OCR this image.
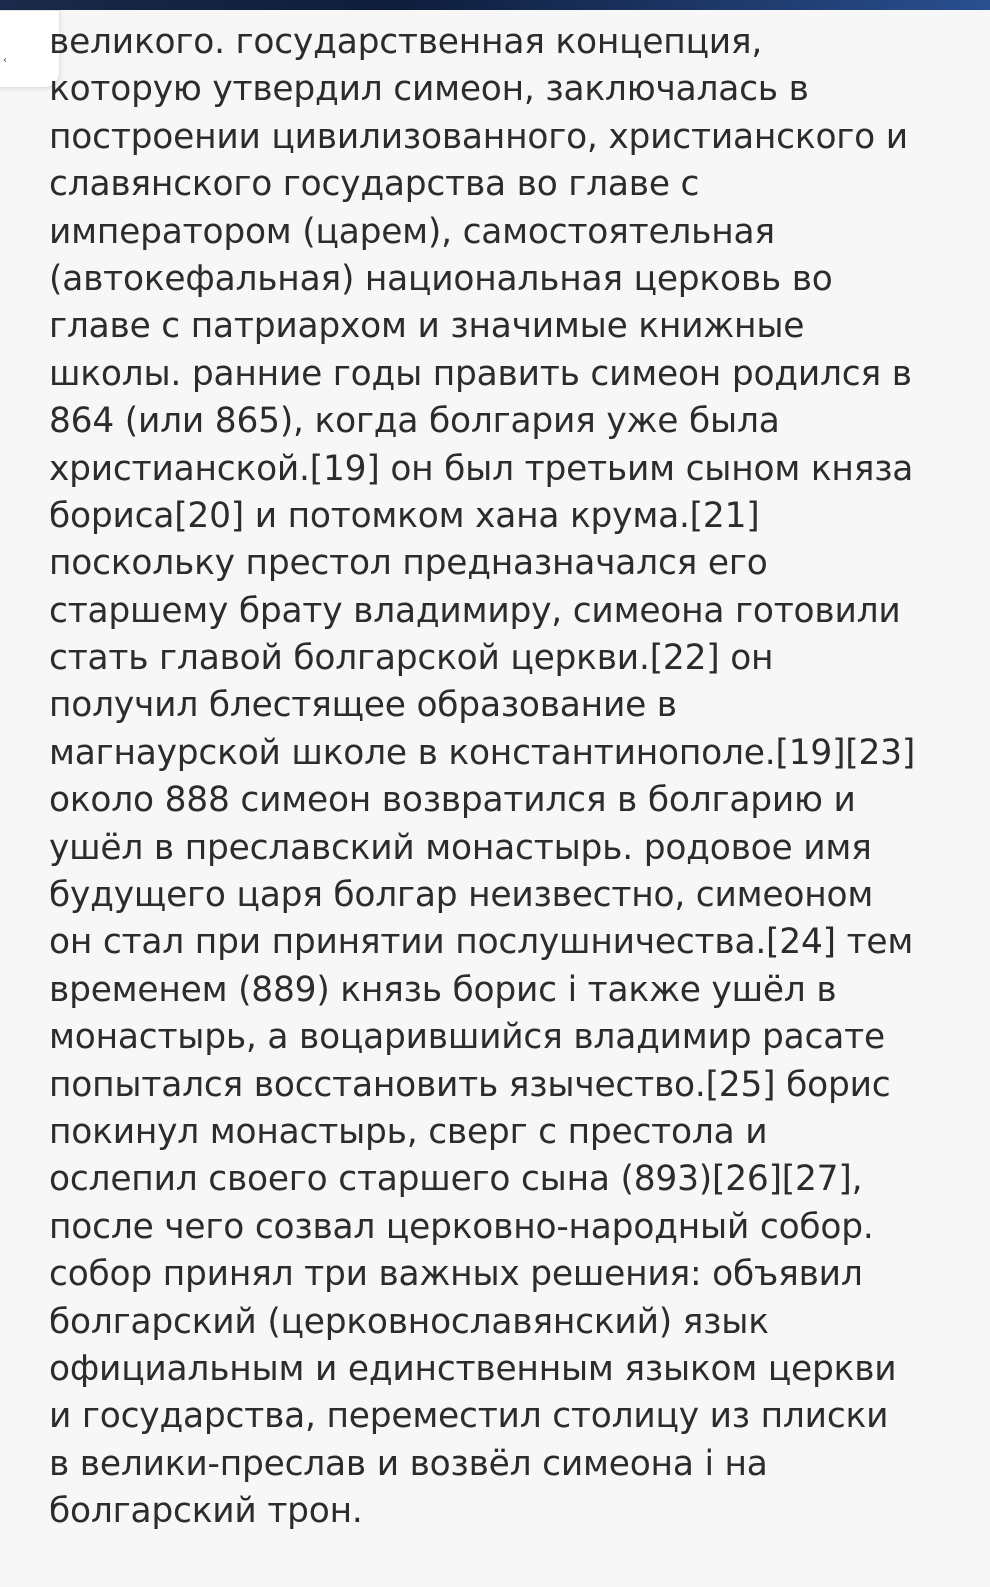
‹ великого. государственная концепция,
которую утвердил симеон, заключалась в
построении цивилизованного, христианского и
славянского государства во главе с
императором (царем), самостоятельная
(автокефальная) национальная церковь во
главе с патриархом и значимые книжные
школы. ранние годы править симеон родился в
864 (или 865), когда болгария уже была
христианской.[19] он был третьим сыном княза
бориса[20] и потомком хана крума.[21]
поскольку престол предназначался его
старшему брату владимиру, симеона готовили
стать главой болгарской церкви.[22] он
получил блестящее образование в
магнаурской школе в константинополе.[19][23]
около 888 симеон возвратился в болгарию и
ушёл в преславский монастырь. родовое имя
будущего царя болгар неизвестно, симеоном
он стал при принятии послушничества.[24] тем
временем (889) князь борис i также ушёл в
монастырь, а воцарившийся владимир расате
попытался восстановить язычество.[25] борис
покинул монастырь, сверг с престола и
ослепил своего старшего сына (893)[26][27],
после чего созвал церковно-народный собор.
собор принял три важных решения: объявил
болгарский (церковнославянский) язык
официальным и единственным языком церкви
и государства, переместил столицу из плиски
в велики-преслав и возвёл симеона i на
болгарский трон.
